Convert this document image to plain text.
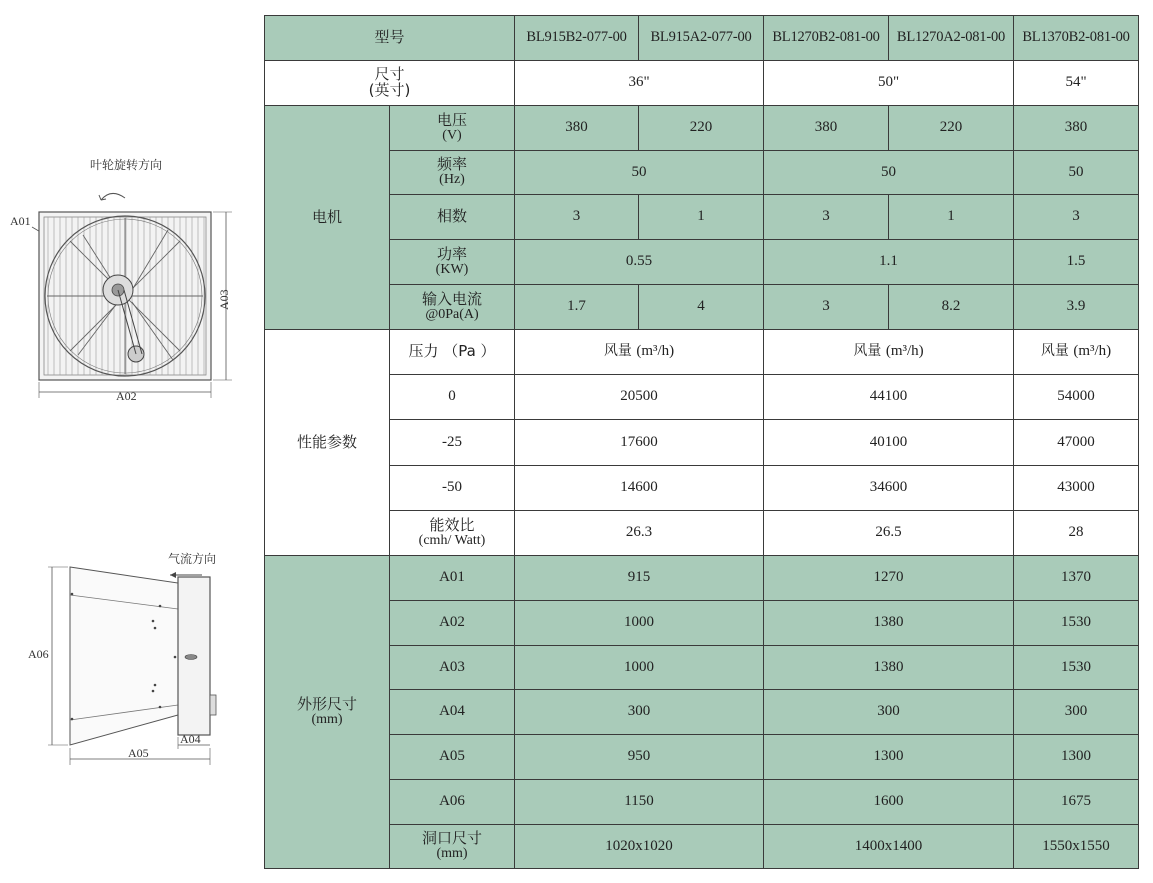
叶轮旋转方向
A01
A02
A03
气流方向
A06
A05
A04
型号		BL915B2-077-00	BL915A2-077-00	BL1270B2-081-00	BL1270A2-081-00	BL1370B2-081-00

尺寸
(英寸)		36"		50"		54"
电机	电压
(V)	380	220	380	220	380

	频率
(Hz)	50		50		50
	相数	3	1	3	1	3

	功率
(KW)	0.55		1.1		1.5

	输入电流
@0Pa(A)	1.7	4	3	8.2	3.9
性能参数	压力 （Pa ）	风量 (m³/h)		风量 (m³/h)		风量 (m³/h)
	0	20500		44100		54000
	-25	17600		40100		47000
	-50	14600		34600		43000

	能效比
(cmh/ Watt)	26.3		26.5		28

外形尺寸
(mm)	A01	915		1270		1370
	A02	1000		1380		1530
	A03	1000		1380		1530
	A04	300		300		300
	A05	950		1300		1300
	A06	1150		1600		1675

	洞口尺寸
(mm)	1020x1020		1400x1400		1550x1550
